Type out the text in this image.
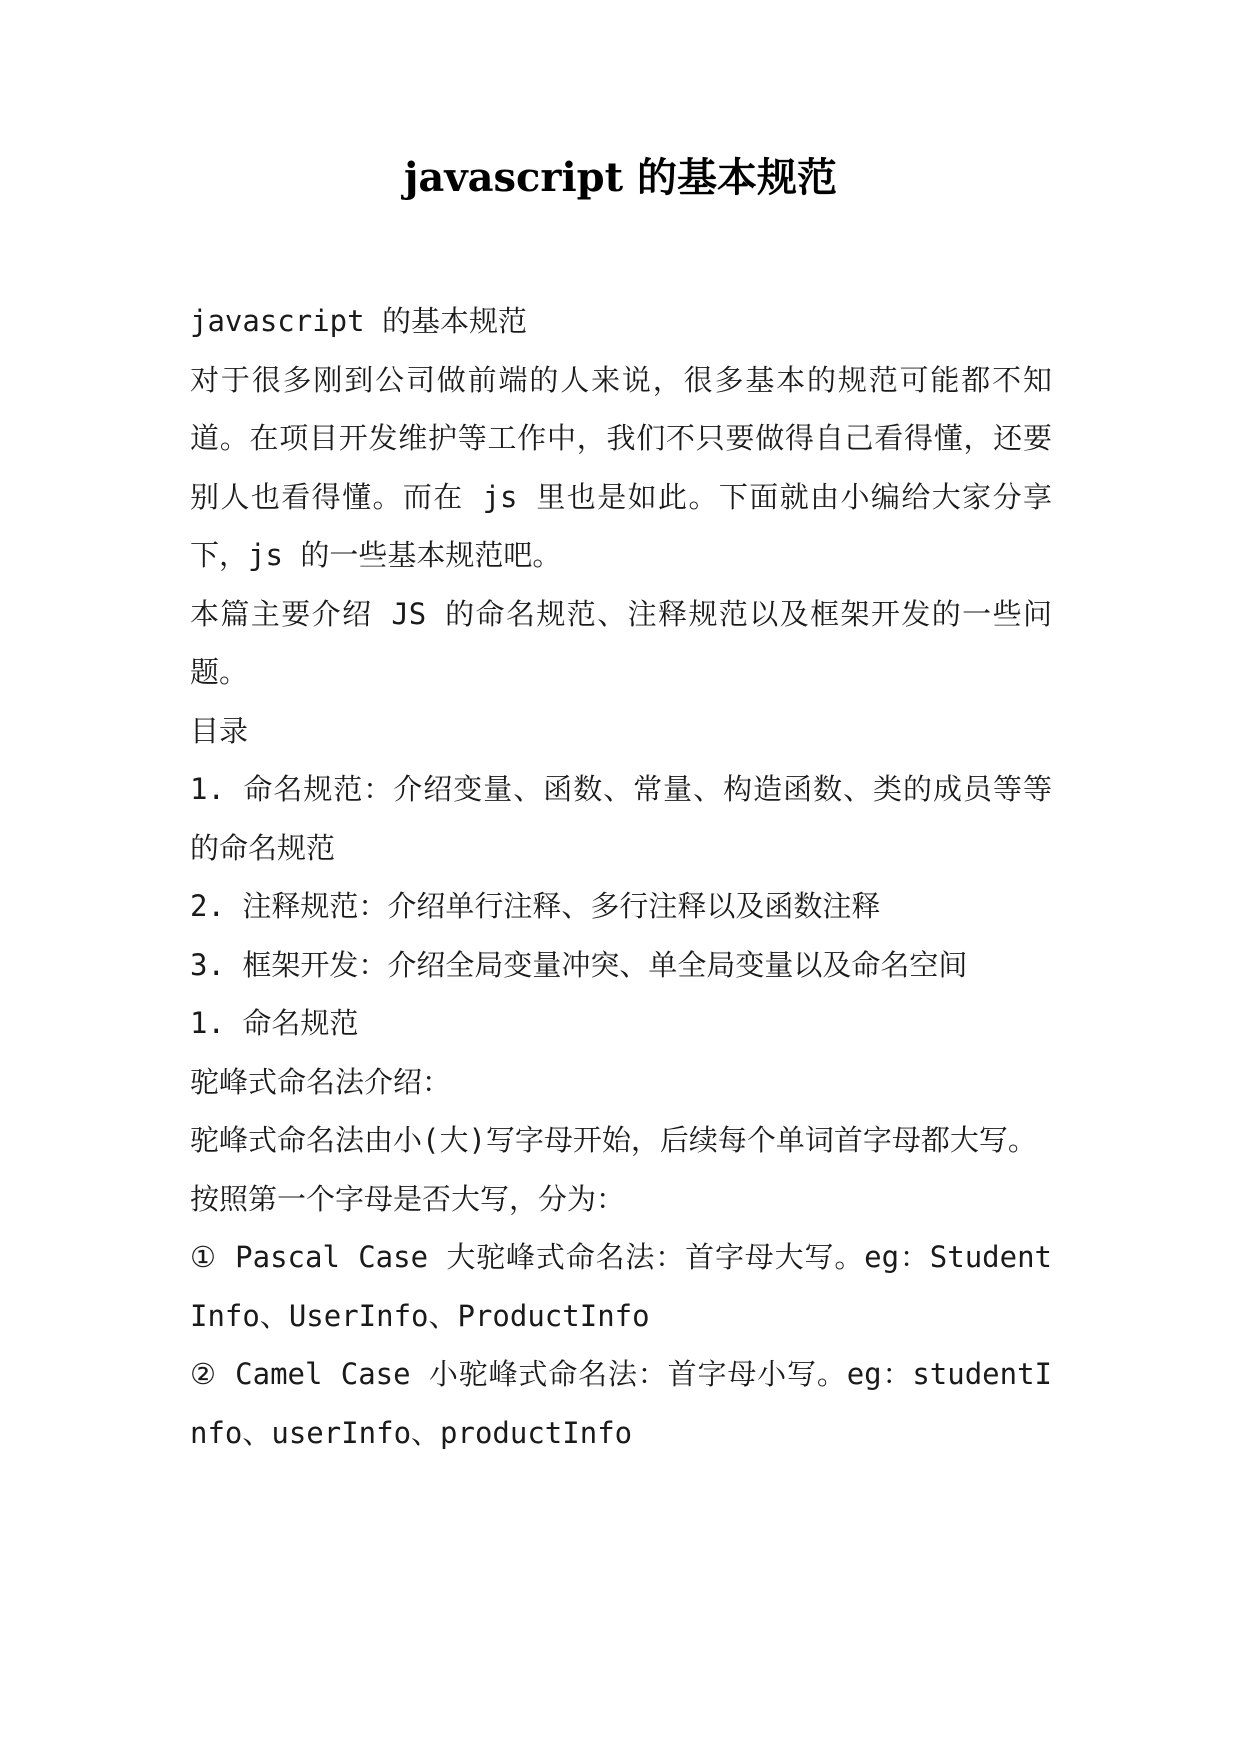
javascript 的基本规范

javascript 的基本规范

对于很多刚到公司做前端的人来说，很多基本的规范可能都不知道。在项目开发维护等工作中，我们不只要做得自己看得懂，还要别人也看得懂。而在 js 里也是如此。下面就由小编给大家分享下，js 的一些基本规范吧。

本篇主要介绍 JS 的命名规范、注释规范以及框架开发的一些问题。

目录

1. 命名规范：介绍变量、函数、常量、构造函数、类的成员等等的命名规范

2. 注释规范：介绍单行注释、多行注释以及函数注释

3. 框架开发：介绍全局变量冲突、单全局变量以及命名空间

1. 命名规范

驼峰式命名法介绍：

驼峰式命名法由小(大)写字母开始，后续每个单词首字母都大写。

按照第一个字母是否大写，分为：

① Pascal Case 大驼峰式命名法：首字母大写。eg：StudentInfo、UserInfo、ProductInfo

② Camel Case 小驼峰式命名法：首字母小写。eg：studentInfo、userInfo、productInfo
